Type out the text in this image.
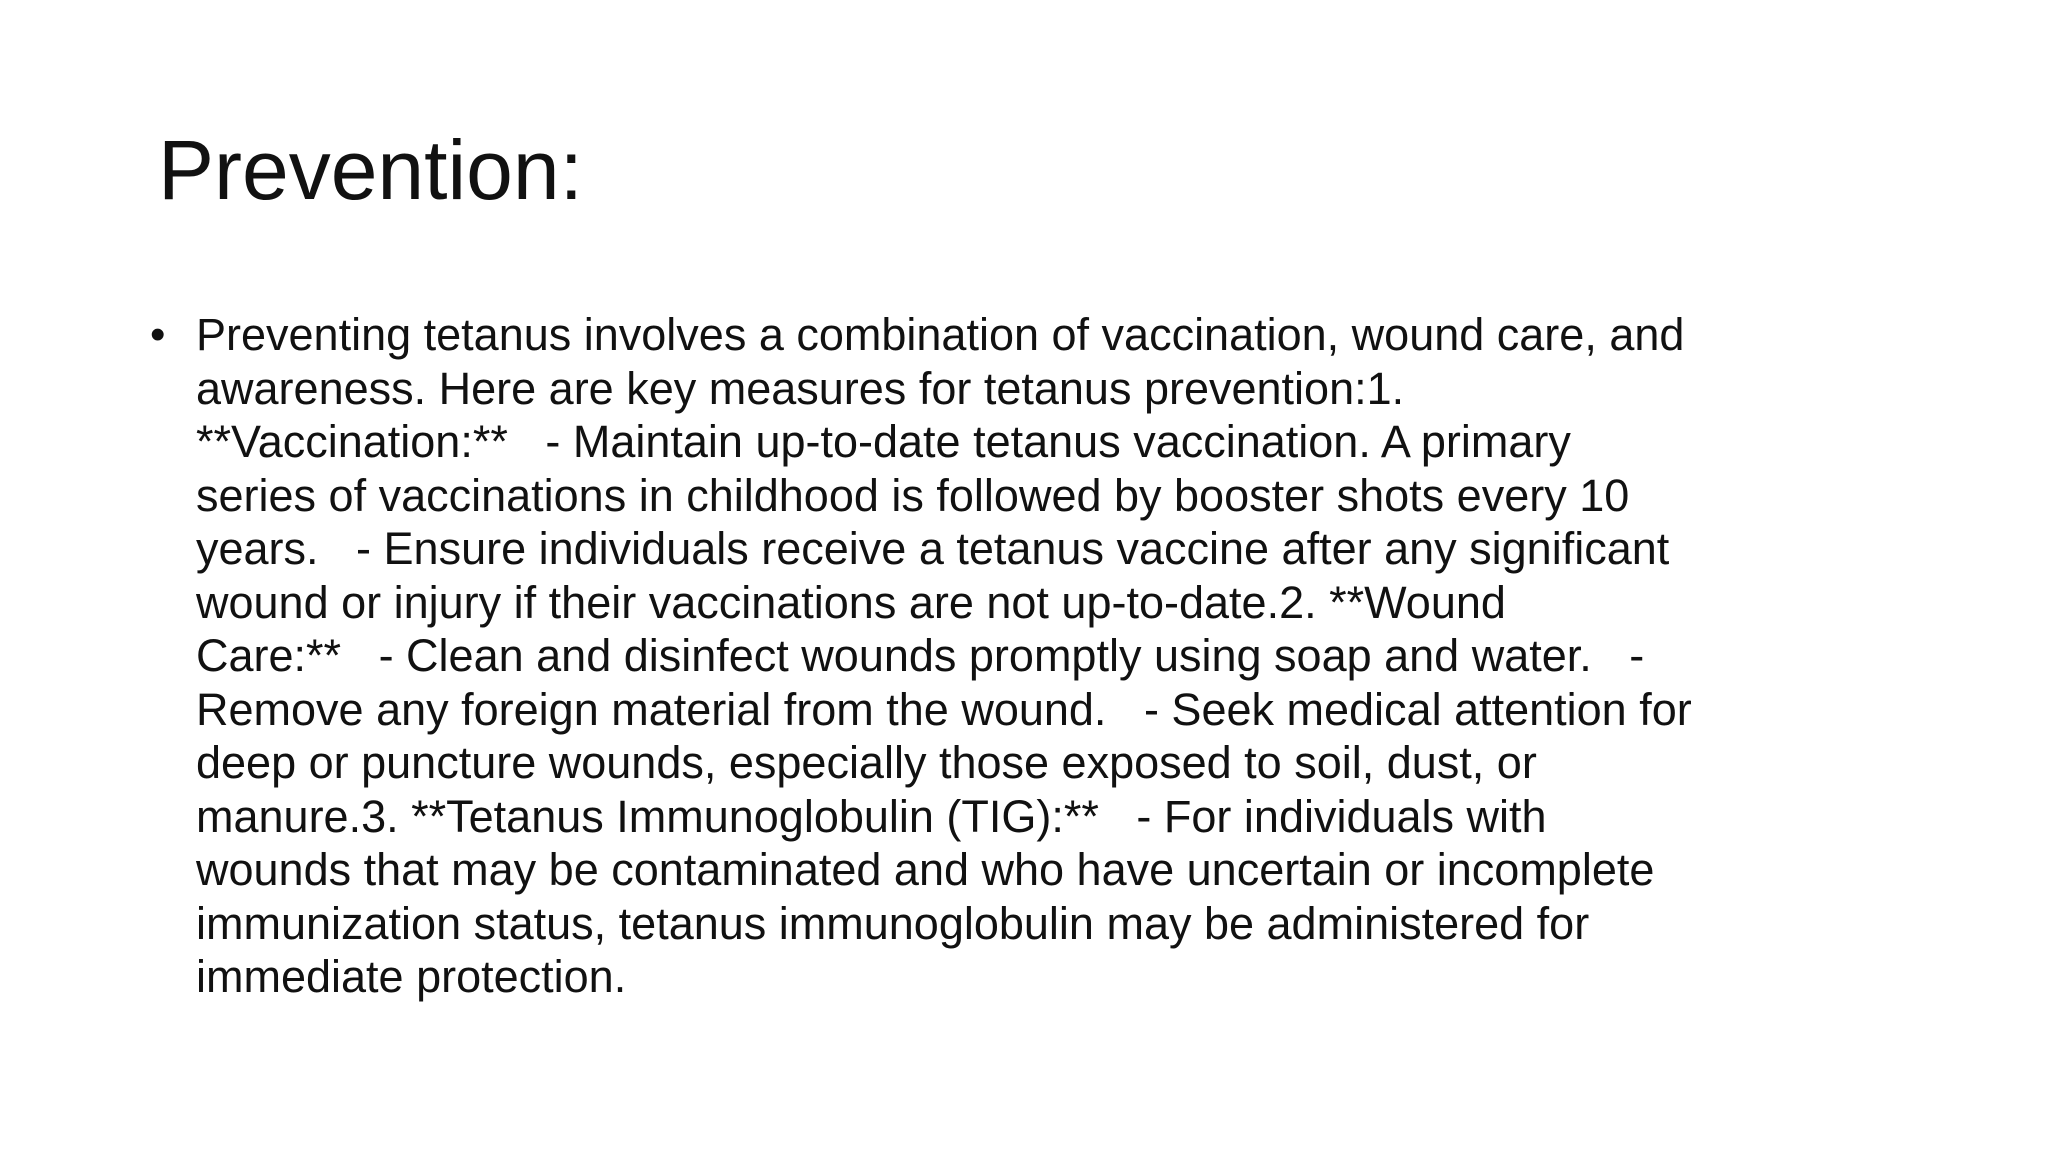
Prevention:
• Preventing tetanus involves a combination of vaccination, wound care, and
awareness. Here are key measures for tetanus prevention:1.
**Vaccination:**   - Maintain up-to-date tetanus vaccination. A primary
series of vaccinations in childhood is followed by booster shots every 10
years.   - Ensure individuals receive a tetanus vaccine after any significant
wound or injury if their vaccinations are not up-to-date.2. **Wound
Care:**   - Clean and disinfect wounds promptly using soap and water.   -
Remove any foreign material from the wound.   - Seek medical attention for
deep or puncture wounds, especially those exposed to soil, dust, or
manure.3. **Tetanus Immunoglobulin (TIG):**   - For individuals with
wounds that may be contaminated and who have uncertain or incomplete
immunization status, tetanus immunoglobulin may be administered for
immediate protection.
